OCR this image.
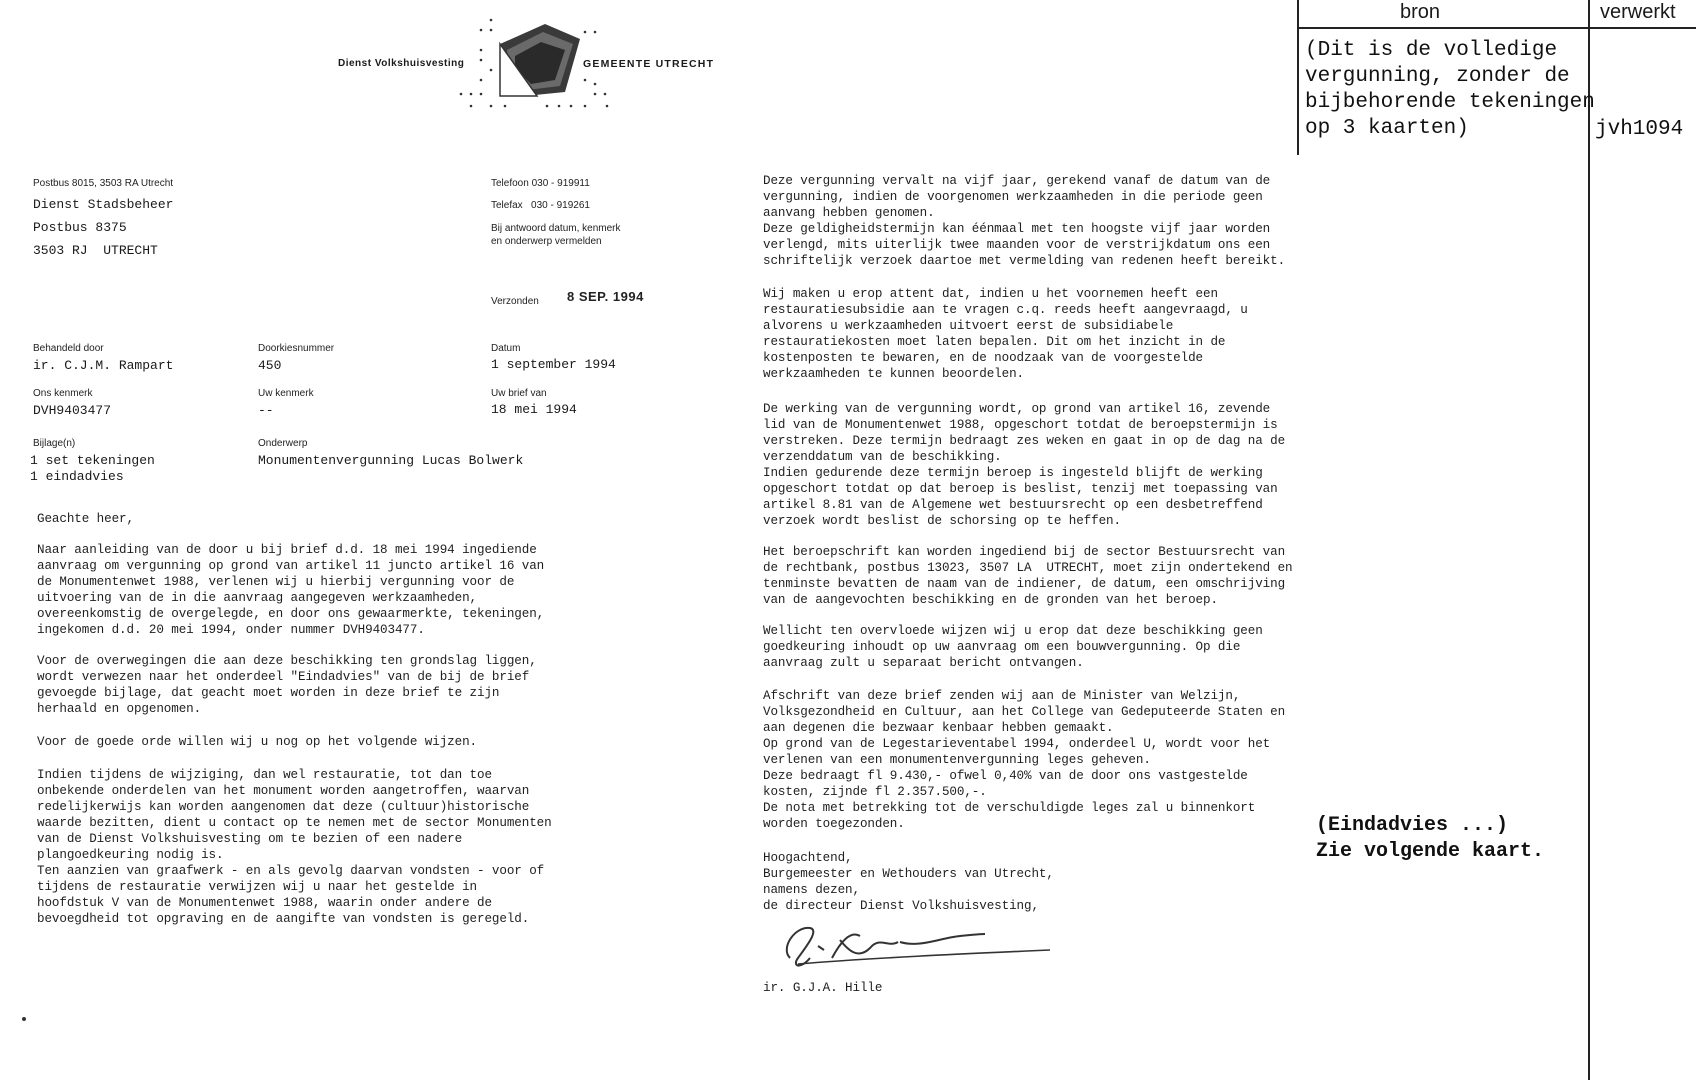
bron	verwerkt
(Dit is de volledige
vergunning, zonder de
bijbehorende tekeningen
op 3 kaarten)	jvh1094
(Eindadvies ...)
Zie volgende kaart.
Dienst Volkshuisvesting	GEMEENTE UTRECHT
Postbus 8015, 3503 RA Utrecht	Telefoon 030 - 919911
Telefax   030 - 919261
Bij antwoord datum, kenmerk
en onderwerp vermelden
Verzonden 8 SEP. 1994
Dienst Stadsbeheer
Postbus 8375
3503 RJ  UTRECHT
Behandeld door
ir. C.J.M. Rampart
Doorkiesnummer
450
Datum
1 september 1994
Ons kenmerk
DVH9403477
Uw kenmerk
--
Uw brief van
18 mei 1994
Bijlage(n)
1 set tekeningen
1 eindadvies
Onderwerp
Monumentenvergunning Lucas Bolwerk
Geachte heer,
Naar aanleiding van de door u bij brief d.d. 18 mei 1994 ingediende
aanvraag om vergunning op grond van artikel 11 juncto artikel 16 van
de Monumentenwet 1988, verlenen wij u hierbij vergunning voor de
uitvoering van de in die aanvraag aangegeven werkzaamheden,
overeenkomstig de overgelegde, en door ons gewaarmerkte, tekeningen,
ingekomen d.d. 20 mei 1994, onder nummer DVH9403477.
Voor de overwegingen die aan deze beschikking ten grondslag liggen,
wordt verwezen naar het onderdeel "Eindadvies" van de bij de brief
gevoegde bijlage, dat geacht moet worden in deze brief te zijn
herhaald en opgenomen.
Voor de goede orde willen wij u nog op het volgende wijzen.
Indien tijdens de wijziging, dan wel restauratie, tot dan toe
onbekende onderdelen van het monument worden aangetroffen, waarvan
redelijkerwijs kan worden aangenomen dat deze (cultuur)historische
waarde bezitten, dient u contact op te nemen met de sector Monumenten
van de Dienst Volkshuisvesting om te bezien of een nadere
plangoedkeuring nodig is.
Ten aanzien van graafwerk - en als gevolg daarvan vondsten - voor of
tijdens de restauratie verwijzen wij u naar het gestelde in
hoofdstuk V van de Monumentenwet 1988, waarin onder andere de
bevoegdheid tot opgraving en de aangifte van vondsten is geregeld.
Deze vergunning vervalt na vijf jaar, gerekend vanaf de datum van de
vergunning, indien de voorgenomen werkzaamheden in die periode geen
aanvang hebben genomen.
Deze geldigheidstermijn kan éénmaal met ten hoogste vijf jaar worden
verlengd, mits uiterlijk twee maanden voor de verstrijkdatum ons een
schriftelijk verzoek daartoe met vermelding van redenen heeft bereikt.
Wij maken u erop attent dat, indien u het voornemen heeft een
restauratiesubsidie aan te vragen c.q. reeds heeft aangevraagd, u
alvorens u werkzaamheden uitvoert eerst de subsidiabele
restauratiekosten moet laten bepalen. Dit om het inzicht in de
kostenposten te bewaren, en de noodzaak van de voorgestelde
werkzaamheden te kunnen beoordelen.
De werking van de vergunning wordt, op grond van artikel 16, zevende
lid van de Monumentenwet 1988, opgeschort totdat de beroepstermijn is
verstreken. Deze termijn bedraagt zes weken en gaat in op de dag na de
verzenddatum van de beschikking.
Indien gedurende deze termijn beroep is ingesteld blijft de werking
opgeschort totdat op dat beroep is beslist, tenzij met toepassing van
artikel 8.81 van de Algemene wet bestuursrecht op een desbetreffend
verzoek wordt beslist de schorsing op te heffen.
Het beroepschrift kan worden ingediend bij de sector Bestuursrecht van
de rechtbank, postbus 13023, 3507 LA  UTRECHT, moet zijn ondertekend en
tenminste bevatten de naam van de indiener, de datum, een omschrijving
van de aangevochten beschikking en de gronden van het beroep.
Wellicht ten overvloede wijzen wij u erop dat deze beschikking geen
goedkeuring inhoudt op uw aanvraag om een bouwvergunning. Op die
aanvraag zult u separaat bericht ontvangen.
Afschrift van deze brief zenden wij aan de Minister van Welzijn,
Volksgezondheid en Cultuur, aan het College van Gedeputeerde Staten en
aan degenen die bezwaar kenbaar hebben gemaakt.
Op grond van de Legestarieventabel 1994, onderdeel U, wordt voor het
verlenen van een monumentenvergunning leges geheven.
Deze bedraagt fl 9.430,- ofwel 0,40% van de door ons vastgestelde
kosten, zijnde fl 2.357.500,-.
De nota met betrekking tot de verschuldigde leges zal u binnenkort
worden toegezonden.
Hoogachtend,
Burgemeester en Wethouders van Utrecht,
namens dezen,
de directeur Dienst Volkshuisvesting,
ir. G.J.A. Hille
